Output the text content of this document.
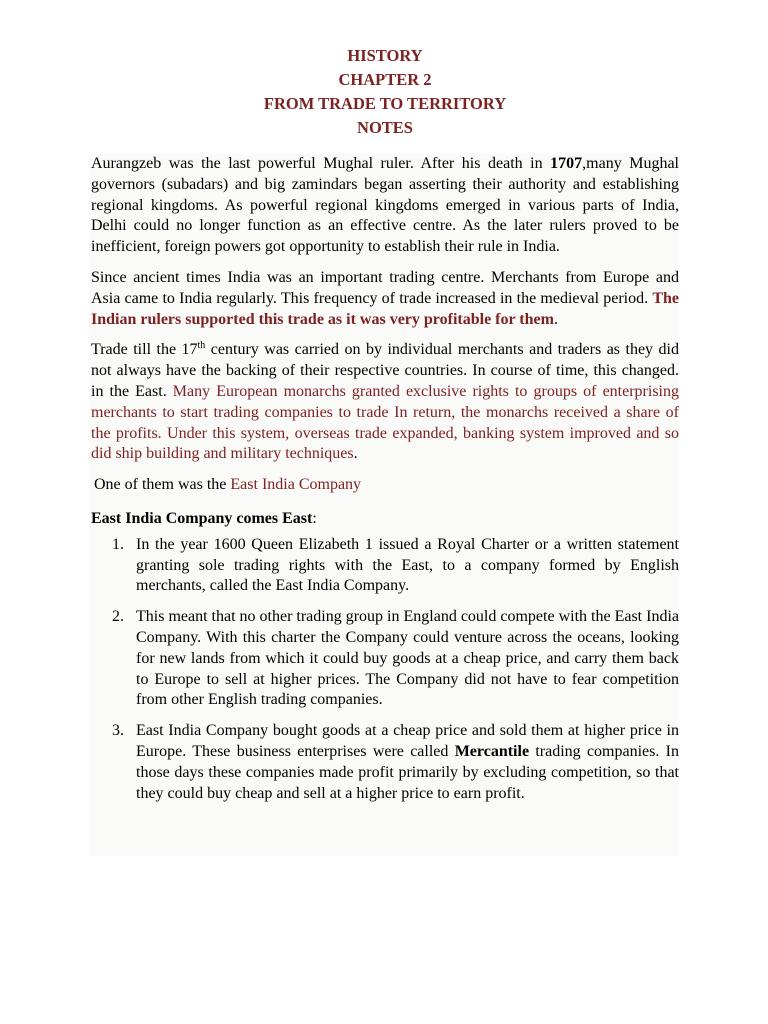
HISTORY
CHAPTER 2
FROM TRADE TO TERRITORY
NOTES

Aurangzeb was the last powerful Mughal ruler. After his death in 1707,many Mughal governors (subadars) and big zamindars began asserting their authority and establishing regional kingdoms. As powerful regional kingdoms emerged in various parts of India, Delhi could no longer function as an effective centre. As the later rulers proved to be inefficient, foreign powers got opportunity to establish their rule in India.

Since ancient times India was an important trading centre. Merchants from Europe and Asia came to India regularly. This frequency of trade increased in the medieval period. The Indian rulers supported this trade as it was very profitable for them.

Trade till the 17th century was carried on by individual merchants and traders as they did not always have the backing of their respective countries. In course of time, this changed. in the East. Many European monarchs granted exclusive rights to groups of enterprising merchants to start trading companies to trade In return, the monarchs received a share of the profits. Under this system, overseas trade expanded, banking system improved and so did ship building and military techniques.

One of them was the East India Company

East India Company comes East:

1. In the year 1600 Queen Elizabeth 1 issued a Royal Charter or a written statement granting sole trading rights with the East, to a company formed by English merchants, called the East India Company.
2. This meant that no other trading group in England could compete with the East India Company. With this charter the Company could venture across the oceans, looking for new lands from which it could buy goods at a cheap price, and carry them back to Europe to sell at higher prices. The Company did not have to fear competition from other English trading companies.
3. East India Company bought goods at a cheap price and sold them at higher price in Europe. These business enterprises were called Mercantile trading companies. In those days these companies made profit primarily by excluding competition, so that they could buy cheap and sell at a higher price to earn profit.
